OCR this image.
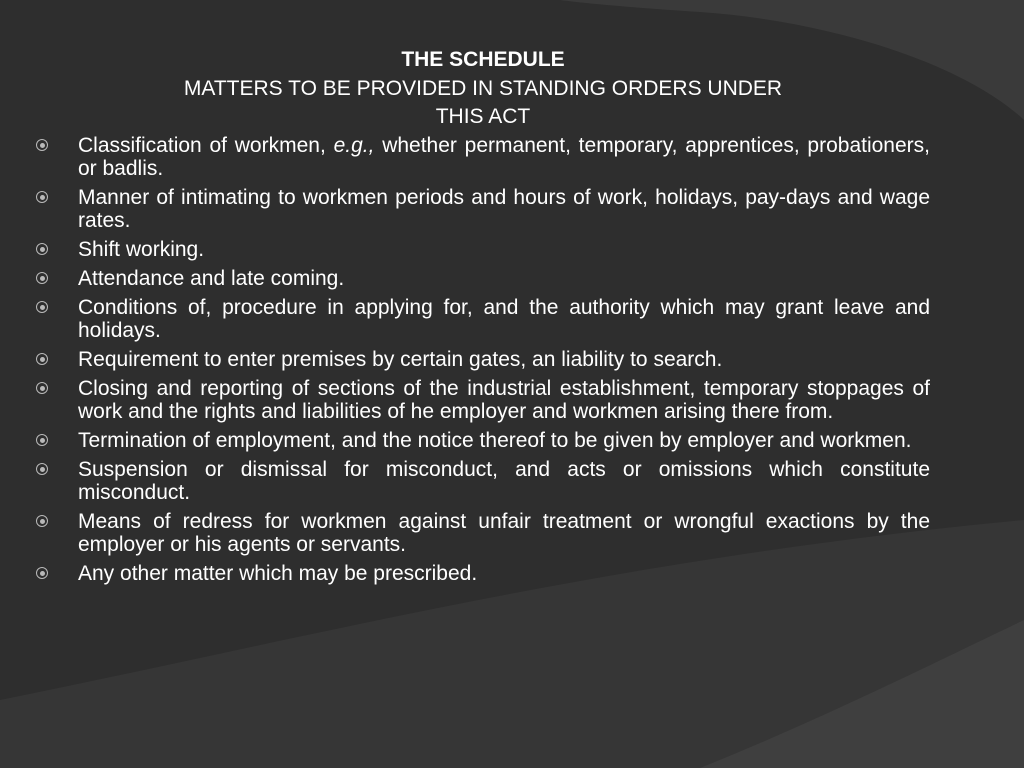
THE SCHEDULE
MATTERS TO BE PROVIDED IN STANDING ORDERS UNDER
THIS ACT
Classification of workmen, e.g., whether permanent, temporary, apprentices, probationers, or badlis.
Manner of intimating to workmen periods and hours of work, holidays, pay-days and wage rates.
Shift working.
Attendance and late coming.
Conditions of, procedure in applying for, and the authority which may grant leave and holidays.
Requirement to enter premises by certain gates, an liability to search.
Closing and reporting of sections of the industrial establishment, temporary stoppages of work and the rights and liabilities of he employer and workmen arising there from.
Termination of employment, and the notice thereof to be given by employer and workmen.
Suspension or dismissal for misconduct, and acts or omissions which constitute misconduct.
Means of redress for workmen against unfair treatment or wrongful exactions by the employer or his agents or servants.
Any other matter which may be prescribed.
